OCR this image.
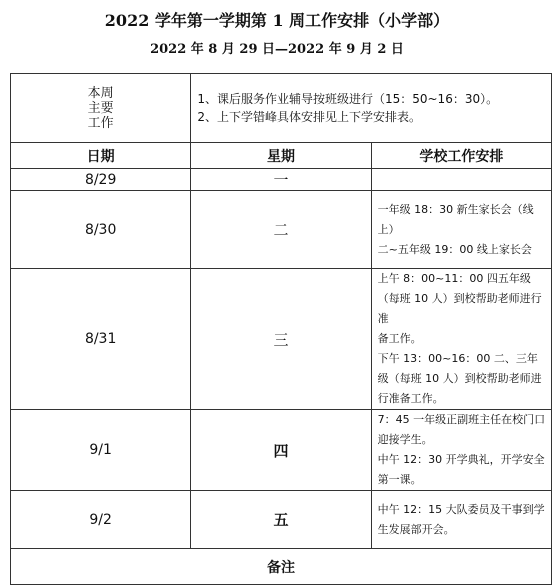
2022 学年第一学期第 1 周工作安排（小学部）
2022 年 8 月 29 日—2022 年 9 月 2 日
本周
主要
工作	1、课后服务作业辅导按班级进行（15：50~16：30）。
2、上下学错峰具体安排见上下学安排表。	

日期	星期	学校工作安排
8/29	一	
8/30	二	一年级 18：30 新生家长会（线上）
二~五年级 19：00 线上家长会

8/31	三	上午 8：00~11：00 四五年级（每班 10 人）到校帮助老师进行准
备工作。
下午 13：00~16：00 二、三年级（每班 10 人）到校帮助老师进
行准备工作。

9/1	四	7：45 一年级正副班主任在校门口迎接学生。
中午 12：30 开学典礼，开学安全第一课。

9/2	五	中午 12：15 大队委员及干事到学生发展部开会。

备注		
